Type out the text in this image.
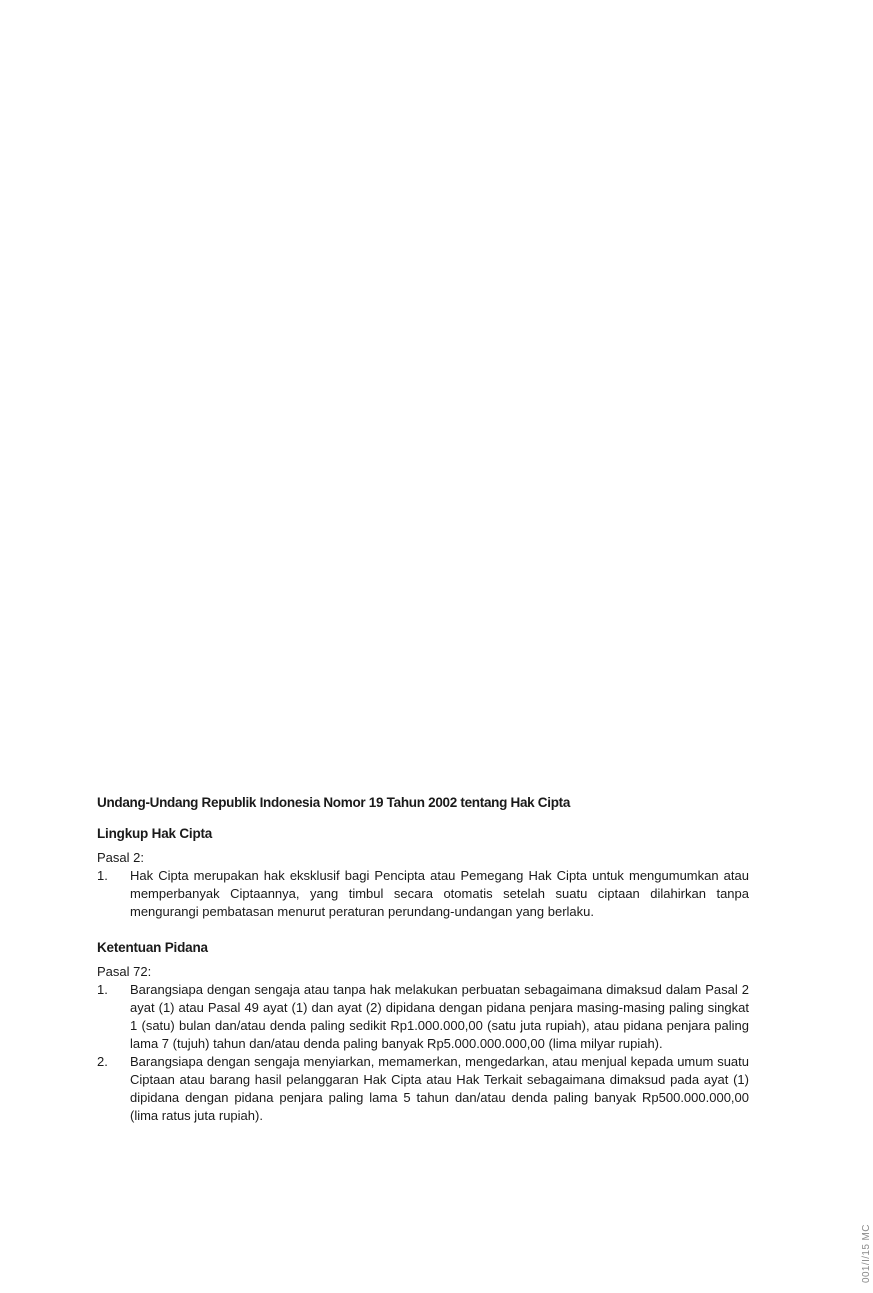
Undang-Undang Republik Indonesia Nomor 19 Tahun 2002 tentang Hak Cipta

Lingkup Hak Cipta

Pasal 2:

1.	Hak Cipta merupakan hak eksklusif bagi Pencipta atau Pemegang Hak Cipta untuk mengumumkan atau memperbanyak Ciptaannya, yang timbul secara otomatis setelah suatu ciptaan dilahirkan tanpa mengurangi pembatasan menurut peraturan perundang-undangan yang berlaku.

Ketentuan Pidana

Pasal 72:

1.	Barangsiapa dengan sengaja atau tanpa hak melakukan perbuatan sebagaimana dimaksud dalam Pasal 2 ayat (1) atau Pasal 49 ayat (1) dan ayat (2) dipidana dengan pidana penjara masing-masing paling singkat 1 (satu) bulan dan/atau denda paling sedikit Rp1.000.000,00 (satu juta rupiah), atau pidana penjara paling lama 7 (tujuh) tahun dan/atau denda paling banyak Rp5.000.000.000,00 (lima milyar rupiah).
2.	Barangsiapa dengan sengaja menyiarkan, memamerkan, mengedarkan, atau menjual kepada umum suatu Ciptaan atau barang hasil pelanggaran Hak Cipta atau Hak Terkait sebagaimana dimaksud pada ayat (1) dipidana dengan pidana penjara paling lama 5 tahun dan/atau denda paling banyak Rp500.000.000,00 (lima ratus juta rupiah).
001/I/15 MC
